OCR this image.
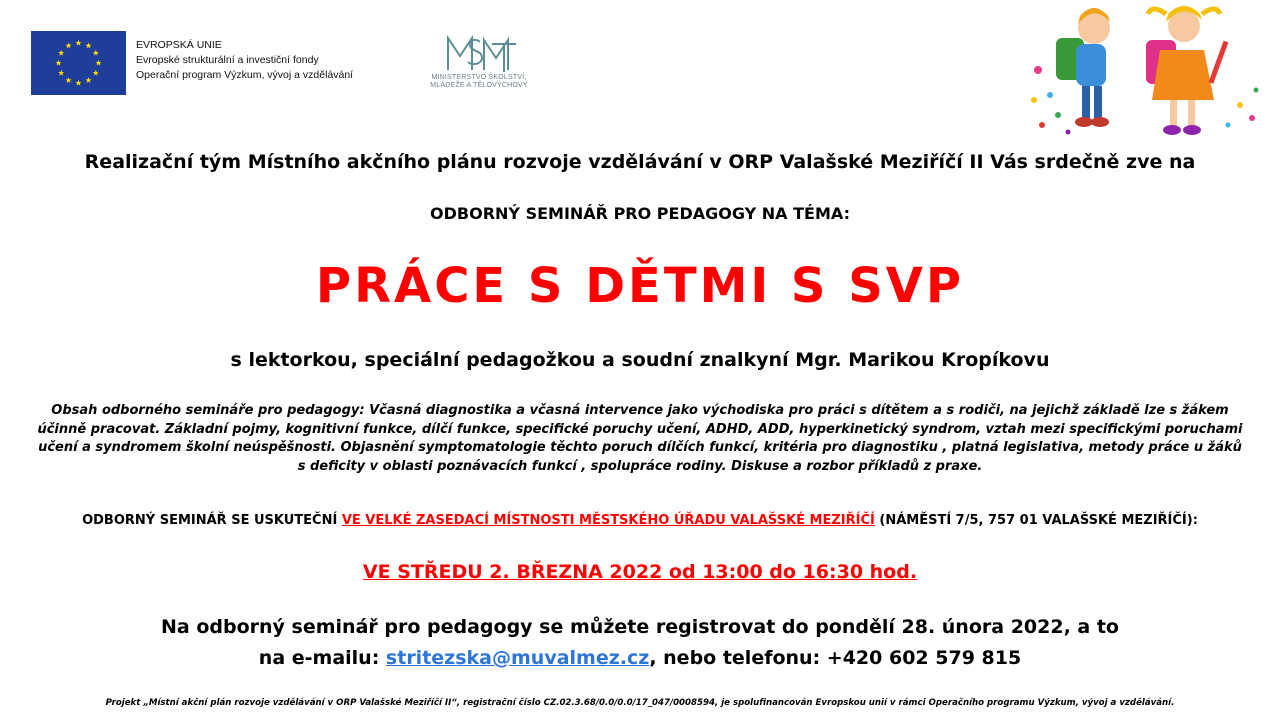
EVROPSKÁ UNIE
Evropské strukturální a investiční fondy
Operační program Výzkum, vývoj a vzdělávání	MINISTERSTVO ŠKOLSTVÍ,
MLÁDEŽE A TĚLOVÝCHOVY
Realizační tým Místního akčního plánu rozvoje vzdělávání v ORP Valašské Meziříčí II Vás srdečně zve na
ODBORNÝ SEMINÁŘ PRO PEDAGOGY NA TÉMA:
PRÁCE S DĚTMI S SVP
s lektorkou, speciální pedagožkou a soudní znalkyní Mgr. Marikou Kropíkovu
Obsah odborného semináře pro pedagogy: Včasná diagnostika a včasná intervence jako východiska pro práci s dítětem a s rodiči, na jejichž základě lze s žákem
účinně pracovat. Základní pojmy, kognitivní funkce, dílčí funkce, specifické poruchy učení, ADHD, ADD, hyperkinetický syndrom, vztah mezi specifickými poruchami
učení a syndromem školní neúspěšnosti. Objasnění symptomatologie těchto poruch dílčích funkcí, kritéria pro diagnostiku , platná legislativa, metody práce u žáků
s deficity v oblasti poznávacích funkcí , spolupráce rodiny. Diskuse a rozbor příkladů z praxe.
ODBORNÝ SEMINÁŘ SE USKUTEČNÍ VE VELKÉ ZASEDACÍ MÍSTNOSTI MĚSTSKÉHO ÚŘADU VALAŠSKÉ MEZIŘÍČÍ (NÁMĚSTÍ 7/5, 757 01 VALAŠSKÉ MEZIŘÍČÍ):
VE STŘEDU 2. BŘEZNA 2022 od 13:00 do 16:30 hod.
Na odborný seminář pro pedagogy se můžete registrovat do pondělí 28. února 2022, a to
na e-mailu: stritezska@muvalmez.cz, nebo telefonu: +420 602 579 815
Projekt „Místní akční plán rozvoje vzdělávání v ORP Valašské Meziříčí II“, registrační číslo CZ.02.3.68/0.0/0.0/17_047/0008594, je spolufinancován Evropskou unií v rámci Operačního programu Výzkum, vývoj a vzdělávání.
